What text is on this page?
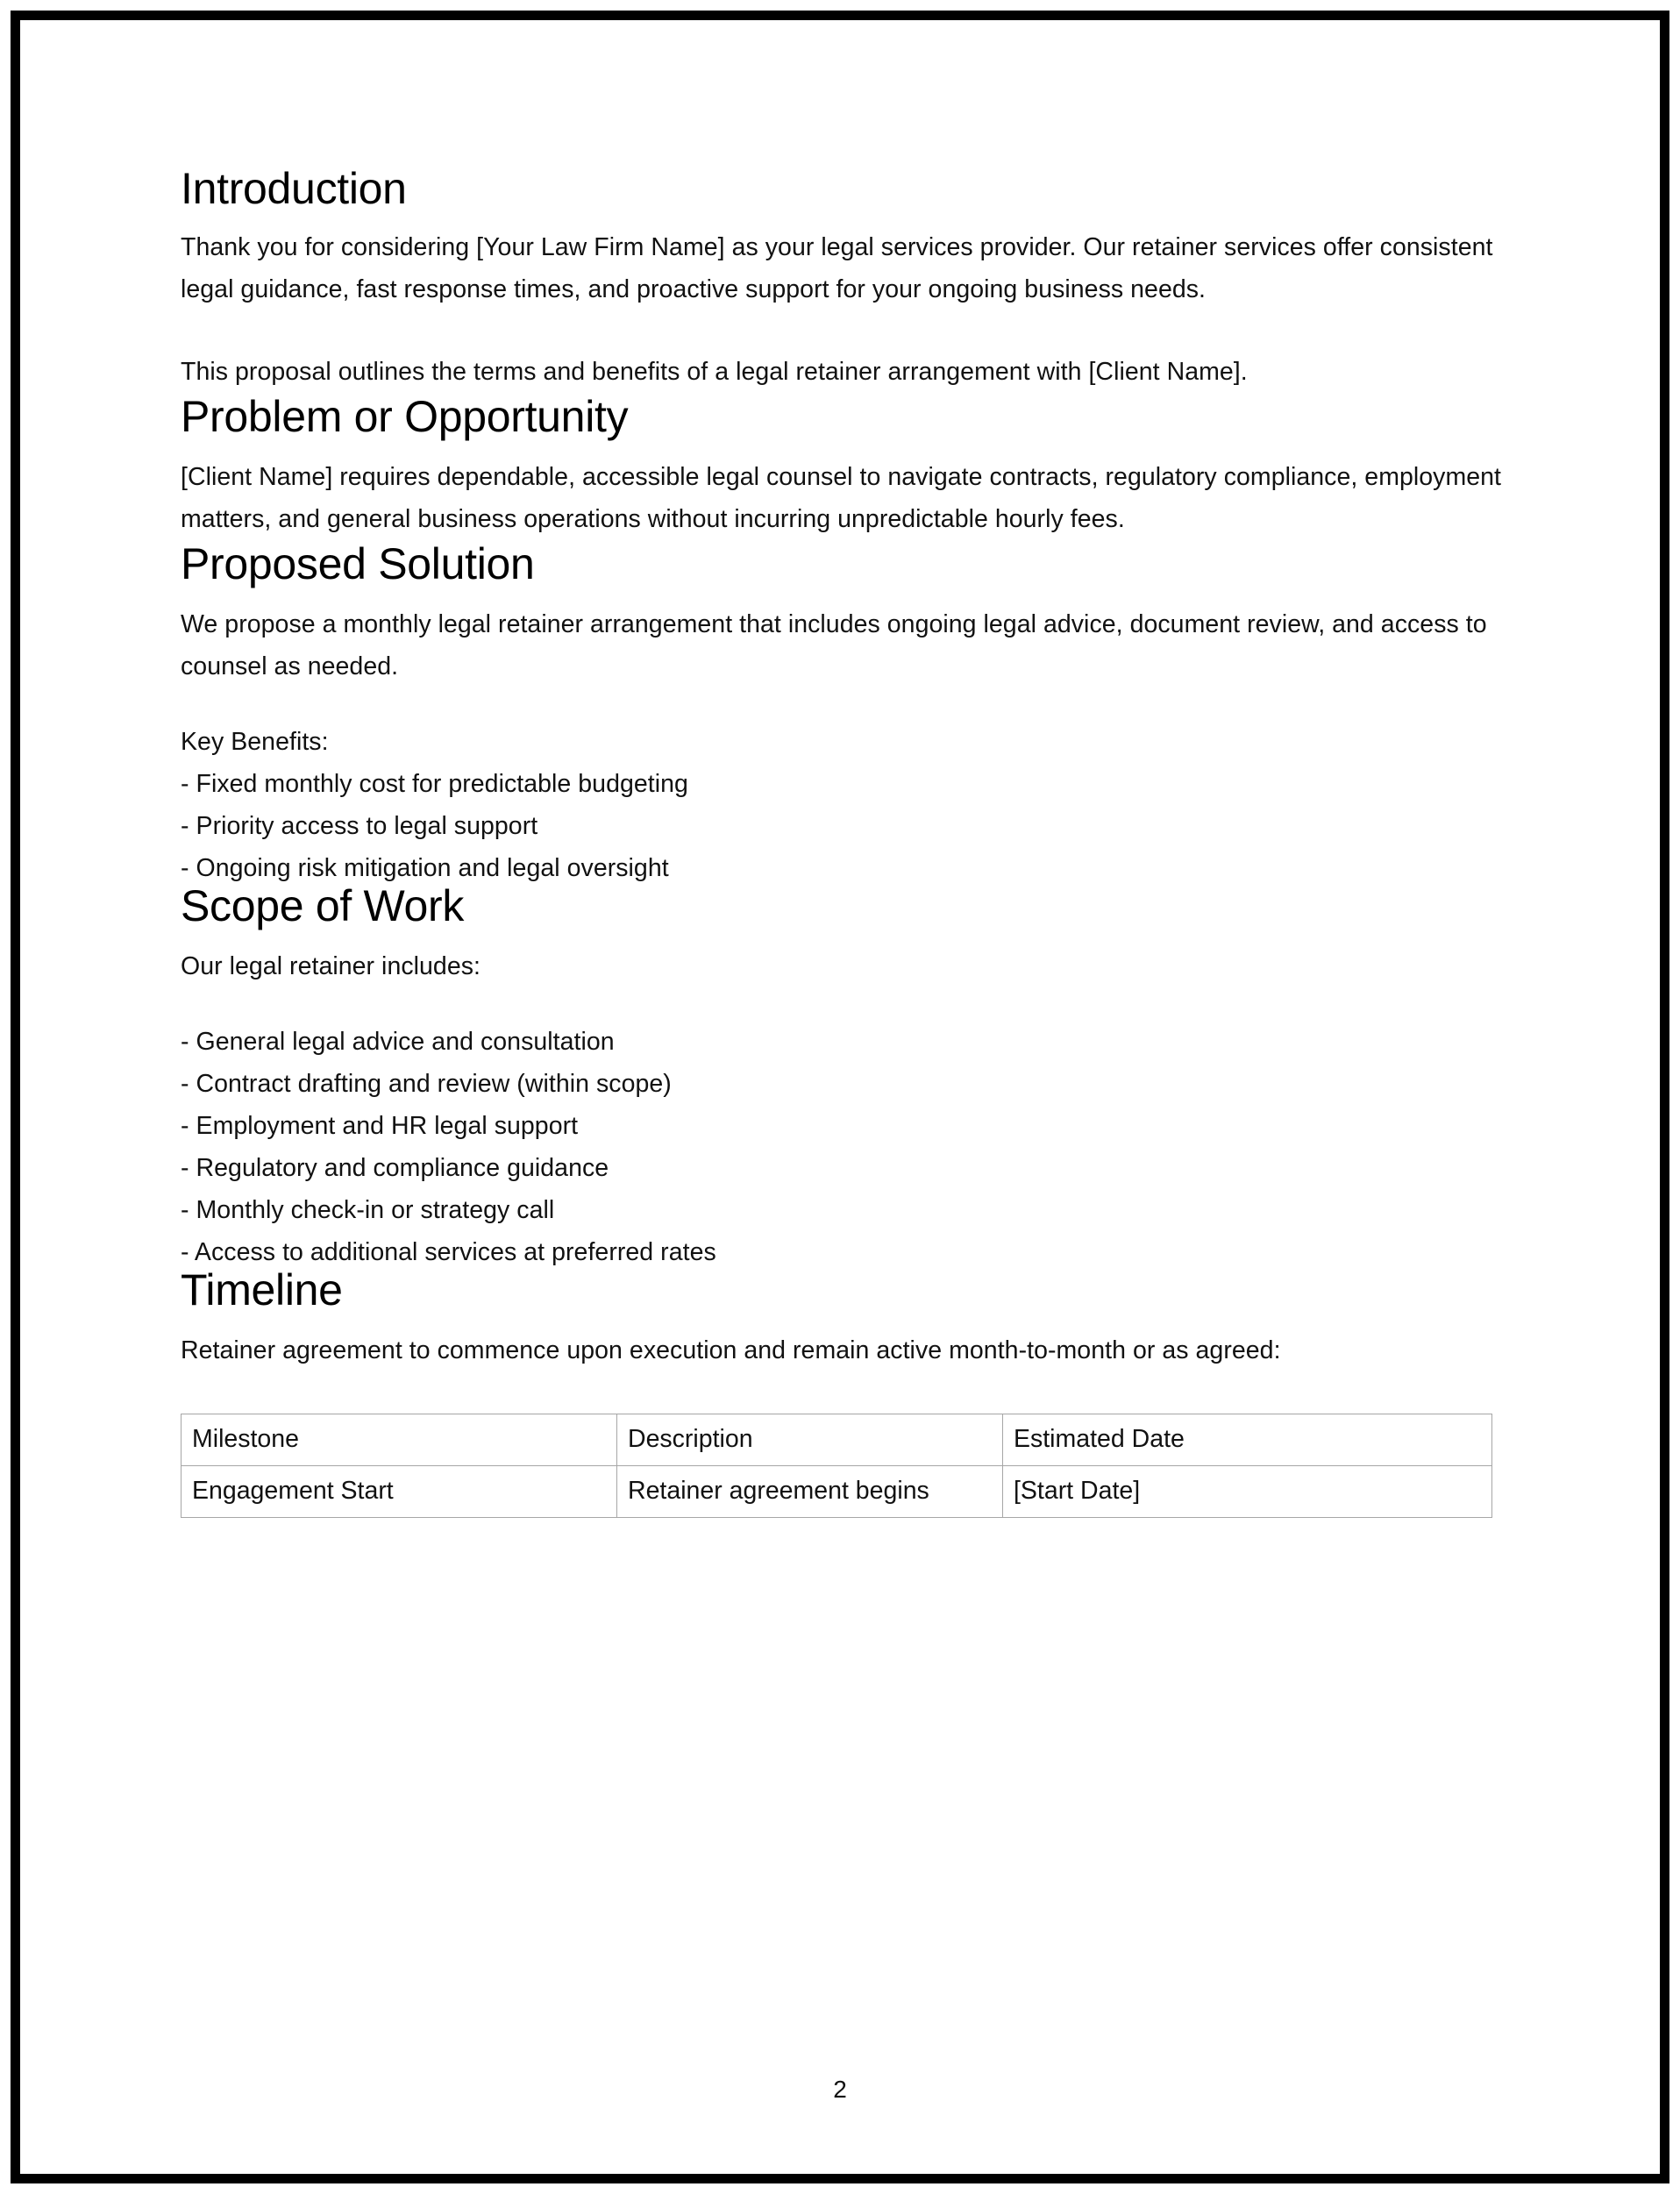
Introduction

Thank you for considering [Your Law Firm Name] as your legal services provider. Our retainer services offer consistent legal guidance, fast response times, and proactive support for your ongoing business needs.

This proposal outlines the terms and benefits of a legal retainer arrangement with [Client Name].

Problem or Opportunity

[Client Name] requires dependable, accessible legal counsel to navigate contracts, regulatory compliance, employment matters, and general business operations without incurring unpredictable hourly fees.

Proposed Solution

We propose a monthly legal retainer arrangement that includes ongoing legal advice, document review, and access to counsel as needed.

Key Benefits:
- Fixed monthly cost for predictable budgeting
- Priority access to legal support
- Ongoing risk mitigation and legal oversight
Scope of Work

Our legal retainer includes:

- General legal advice and consultation
- Contract drafting and review (within scope)
- Employment and HR legal support
- Regulatory and compliance guidance
- Monthly check-in or strategy call
- Access to additional services at preferred rates
Timeline

Retainer agreement to commence upon execution and remain active month-to-month or as agreed:

Milestone	Description	Estimated Date
Engagement Start	Retainer agreement begins	[Start Date]
2
